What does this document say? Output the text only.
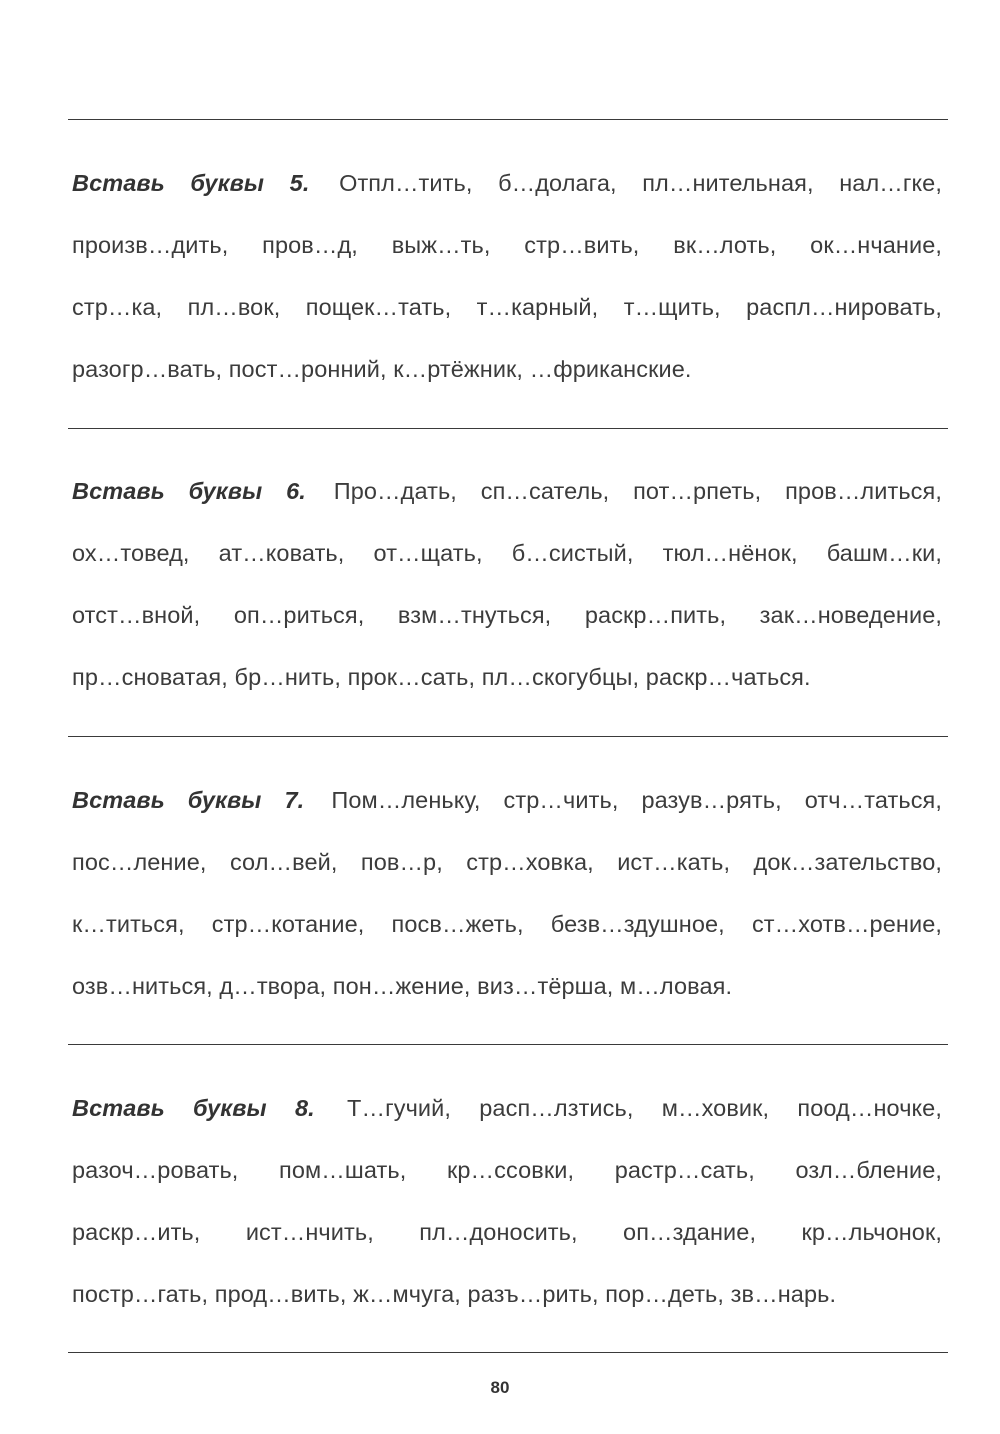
Вставь буквы 5. Отпл…тить, б…долага, пл…нительная, нал…гке,
произв…дить, пров…д, выж…ть, стр…вить, вк…лоть, ок…нчание,
стр…ка, пл…вок, пощек…тать, т…карный, т…щить, распл…нировать,
разогр…вать, пост…ронний, к…ртёжник, …фриканские.
Вставь буквы 6. Про…дать, сп…сатель, пот…рпеть, пров…литься,
ох…товед, ат…ковать, от…щать, б…систый, тюл…нёнок, башм…ки,
отст…вной, оп…риться, взм…тнуться, раскр…пить, зак…новедение,
пр…сноватая, бр…нить, прок…сать, пл…скогубцы, раскр…чаться.
Вставь буквы 7. Пом…леньку, стр…чить, разув…рять, отч…таться,
пос…ление, сол…вей, пов…р, стр…ховка, ист…кать, док…зательство,
к…титься, стр…котание, посв…жеть, безв…здушное, ст…хотв…рение,
озв…ниться, д…твора, пон…жение, виз…тёрша, м…ловая.
Вставь буквы 8. Т…гучий, расп…лзтись, м…ховик, поод…ночке,
разоч…ровать, пом…шать, кр…ссовки, растр…сать, озл…бление,
раскр…ить, ист…нчить, пл…доносить, оп…здание, кр…льчонок,
постр…гать, прод…вить, ж…мчуга, разъ…рить, пор…деть, зв…нарь.
80
